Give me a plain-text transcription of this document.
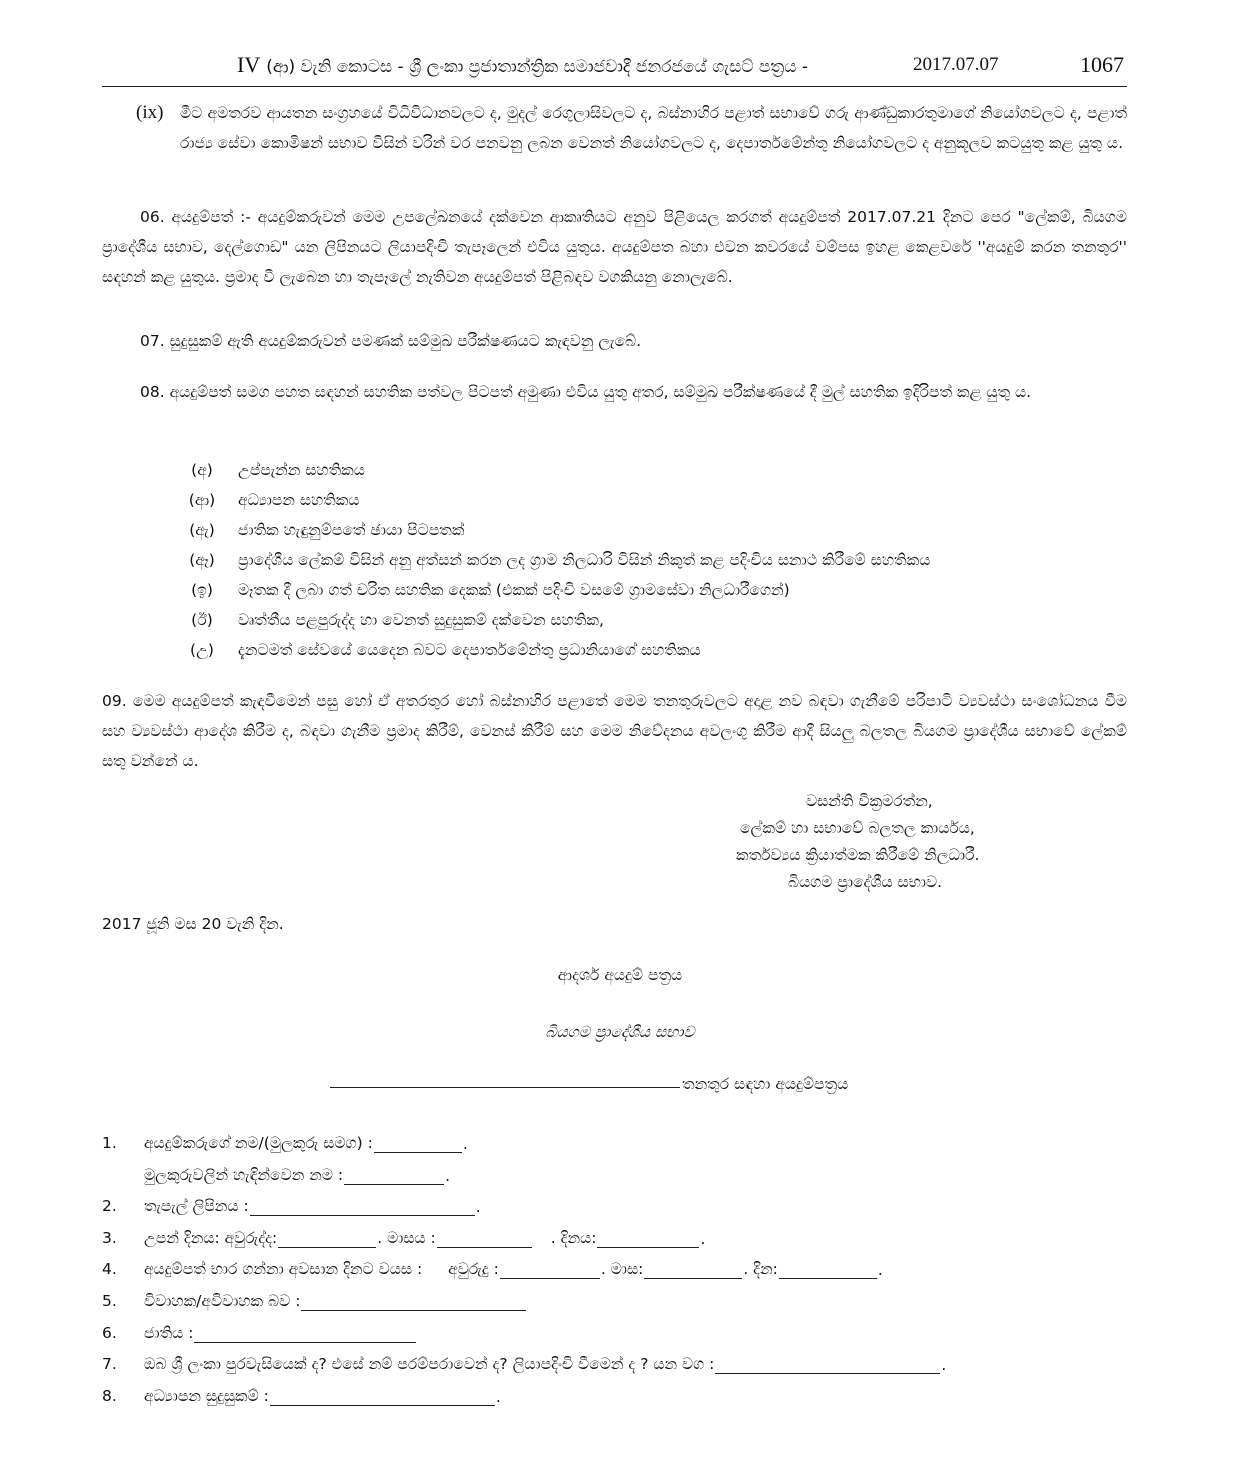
IV (ආ) වැනි කොටස - ශ්‍රී ලංකා ප්‍රජාතාන්ත්‍රික සමාජවාදී ජනරජයේ ගැසට් පත්‍රය -	2017.07.07	1067
(ix) මීට අමතරව ආයතන සංග්‍රහයේ විධිවිධානවලට ද, මුදල් රෙගුලාසිවලට ද, බස්නාහිර පළාත් සභාවේ ගරු ආණ්ඩුකාරතුමාගේ නියෝගවලට ද, පළාත් රාජ්‍ය සේවා කොමිෂන් සභාව විසින් වරින් වර පනවනු ලබන වෙනත් නියෝගවලට ද, දෙපාර්තමේන්තු නියෝගවලට ද අනුකූලව කටයුතු කළ යුතු ය.
06. අයදුම්පත් :- අයදුම්කරුවන් මෙම උපලේඛනයේ දක්වෙන ආකෘතියට අනුව පිළියෙල කරගත් අයදුම්පත් 2017.07.21 දිනට පෙර "ලේකම්, බියගම ප්‍රාදේශීය සභාව, දෙල්ගොඩ" යන ලිපිනයට ලියාපදිංචි තැපෑලෙන් එවිය යුතුය. අයදුම්පත බහා එවන කවරයේ වම්පස ඉහළ කෙළවරේ ''අයදුම් කරන තනතුර'' සඳහන් කළ යුතුය. ප්‍රමාද වී ලැබෙන හා තැපෑලේ නැතිවන අයදුම්පත් පිළිබඳව වගකියනු නොලැබේ.
07. සුදුසුකම් ඇති අයදුම්කරුවන් පමණක් සම්මුඛ පරීක්ෂණයට කැඳවනු ලැබේ.
08. අයදුම්පත් සමග පහත සඳහන් සහතික පත්වල පිටපත් අමුණා එවිය යුතු අතර, සම්මුඛ පරීක්ෂණයේ දී මුල් සහතික ඉදිරිපත් කළ යුතු ය.
(අ)	උප්පැන්න සහතිකය
(ආ)	අධ්‍යාපන සහතිකය
(ඇ)	ජාතික හැඳුනුම්පතේ ඡායා පිටපතක්
(ඈ)	ප්‍රාදේශීය ලේකම් විසින් අනු අත්සන් කරන ලද ග්‍රාම නිලධාරි විසින් නිකුත් කළ පදිංචිය සනාථ කිරීමේ සහතිකය
(ඉ)	මෑතක දී ලබා ගත් චරිත සහතික දෙකක් (එකක් පදිංචි වසමේ ග්‍රාමසේවා නිලධාරීගෙන්)
(ඊ)	වෘත්තීය පළපුරුද්ද හා වෙනත් සුදුසුකම් දක්වෙන සහතික,
(උ)	දැනටමත් සේවයේ යෙදෙන බවට දෙපාර්තමේන්තු ප්‍රධානියාගේ සහතිකය
09. මෙම අයදුම්පත් කැඳවීමෙන් පසු හෝ ඒ අතරතුර හෝ බස්නාහිර පළාතේ මෙම තනතුරුවලට අදාළ නව බඳවා ගැනීමේ පරිපාටි ව්‍යවස්ථා සංශෝධනය වීම සහ ව්‍යවස්ථා ආදේශ කිරීම ද, බඳවා ගැනීම ප්‍රමාද කිරීම්, වෙනස් කිරීම් සහ මෙම නිවේදනය අවලංගු කිරීම ආදී සියලු බලතල බියගම ප්‍රාදේශීය සභාවේ ලේකම් සතු වන්නේ ය.
වසන්ති වික්‍රමරත්න,
ලේකම් හා සභාවේ බලතල කාර්යය,
කර්තව්‍යය ක්‍රියාත්මක කිරීමේ නිලධාරී.
බියගම ප්‍රාදේශීය සභාව.
2017 ජූනි මස 20 වැනි දින.
ආදර්ශ අයදුම් පත්‍රය
බියගම ප්‍රාදේශීය සභාව
තනතුර සඳහා අයදුම්පත්‍රය
1. අයදුම්කරුගේ නම/(මුලකුරු සමග) :	.
මුලකුරුවලින් හැඳින්වෙන නම :	.
2. තැපැල් ලිපිනය :	.
3. උපන් දිනය: අවුරුද්ද:	. මාසය :	. දිනය:	.
4. අයදුම්පත් භාර ගන්නා අවසාන දිනට වයස : අවුරුදු :	. මාස:	. දින:	.
5. විවාහක/අවිවාහක බව :
6. ජාතිය :
7. ඔබ ශ්‍රී ලංකා පුරවැසියෙක් ද? එසේ නම් පරම්පරාවෙන් ද? ලියාපදිංචි වීමෙන් ද ? යන වග :	.
8. අධ්‍යාපන සුදුසුකම් :	.
